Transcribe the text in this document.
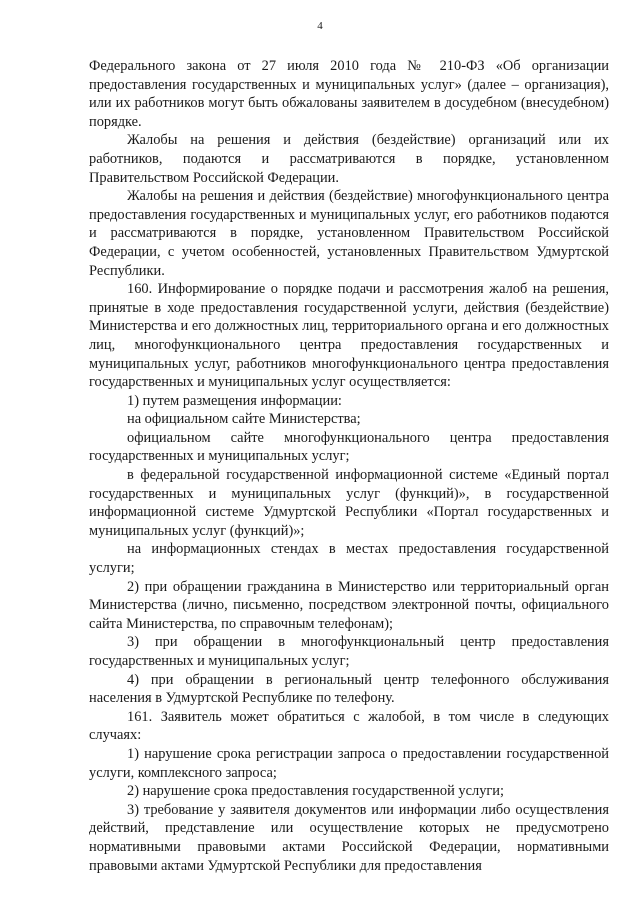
4

Федерального закона от 27 июля 2010 года № 210-ФЗ «Об организации предоставления государственных и муниципальных услуг» (далее – организация), или их работников могут быть обжалованы заявителем в досудебном (внесудебном) порядке.

Жалобы на решения и действия (бездействие) организаций или их работников, подаются и рассматриваются в порядке, установленном Правительством Российской Федерации.

Жалобы на решения и действия (бездействие) многофункционального центра предоставления государственных и муниципальных услуг, его работников подаются и рассматриваются в порядке, установленном Правительством Российской Федерации, с учетом особенностей, установленных Правительством Удмуртской Республики.

160. Информирование о порядке подачи и рассмотрения жалоб на решения, принятые в ходе предоставления государственной услуги, действия (бездействие) Министерства и его должностных лиц, территориального органа и его должностных лиц, многофункционального центра предоставления государственных и муниципальных услуг, работников многофункционального центра предоставления государственных и муниципальных услуг осуществляется:

1) путем размещения информации:

на официальном сайте Министерства;

официальном сайте многофункционального центра предоставления государственных и муниципальных услуг;

в федеральной государственной информационной системе «Единый портал государственных и муниципальных услуг (функций)», в государственной информационной системе Удмуртской Республики «Портал государственных и муниципальных услуг (функций)»;

на информационных стендах в местах предоставления государственной услуги;

2) при обращении гражданина в Министерство или территориальный орган Министерства (лично, письменно, посредством электронной почты, официального сайта Министерства, по справочным телефонам);

3) при обращении в многофункциональный центр предоставления государственных и муниципальных услуг;

4) при обращении в региональный центр телефонного обслуживания населения в Удмуртской Республике по телефону.

161. Заявитель может обратиться с жалобой, в том числе в следующих случаях:

1) нарушение срока регистрации запроса о предоставлении государственной услуги, комплексного запроса;

2) нарушение срока предоставления государственной услуги;

3) требование у заявителя документов или информации либо осуществления действий, представление или осуществление которых не предусмотрено нормативными правовыми актами Российской Федерации, нормативными правовыми актами Удмуртской Республики для предоставления
